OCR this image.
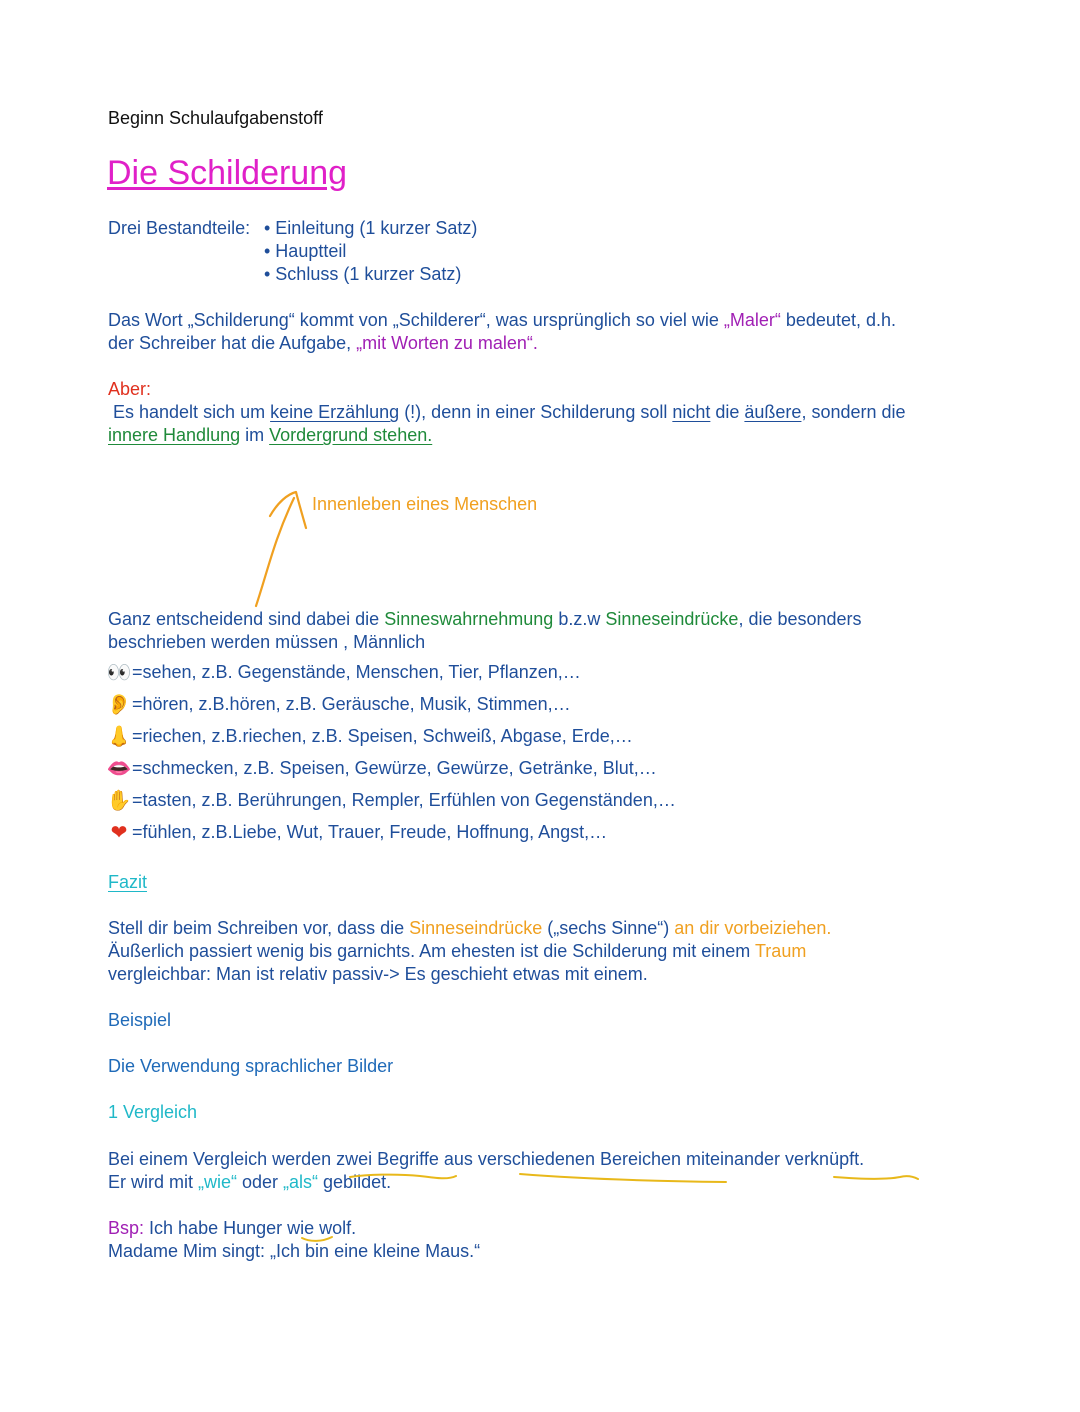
Beginn Schulaufgabenstoff
Die Schilderung
Drei Bestandteile: • Einleitung (1 kurzer Satz)
• Hauptteil
• Schluss (1 kurzer Satz)
Das Wort „Schilderung“ kommt von „Schilderer“, was ursprünglich so viel wie „Maler“ bedeutet, d.h.
der Schreiber hat die Aufgabe, „mit Worten zu malen“.
Aber:
Es handelt sich um keine Erzählung (!), denn in einer Schilderung soll nicht die äußere, sondern die
innere Handlung im Vordergrund stehen.
Innenleben eines Menschen
Ganz entscheidend sind dabei die Sinneswahrnehmung b.z.w Sinneseindrücke, die besonders
beschrieben werden müssen , Männlich
👀 =sehen, z.B. Gegenstände, Menschen, Tier, Pflanzen,…
👂 =hören, z.B.hören, z.B. Geräusche, Musik, Stimmen,…
👃 =riechen, z.B.riechen, z.B. Speisen, Schweiß, Abgase, Erde,…
👄 =schmecken, z.B. Speisen, Gewürze, Gewürze, Getränke, Blut,…
✋ =tasten, z.B. Berührungen, Rempler, Erfühlen von Gegenständen,…
❤ =fühlen, z.B.Liebe, Wut, Trauer, Freude, Hoffnung, Angst,…
Fazit
Stell dir beim Schreiben vor, dass die Sinneseindrücke („sechs Sinne“) an dir vorbeiziehen.
Äußerlich passiert wenig bis garnichts. Am ehesten ist die Schilderung mit einem Traum
vergleichbar: Man ist relativ passiv-> Es geschieht etwas mit einem.
Beispiel
Die Verwendung sprachlicher Bilder
1 Vergleich
Bei einem Vergleich werden zwei Begriffe aus verschiedenen Bereichen miteinander verknüpft.
Er wird mit „wie“ oder „als“ gebildet.
Bsp: Ich habe Hunger wie wolf.
Madame Mim singt: „Ich bin eine kleine Maus.“
